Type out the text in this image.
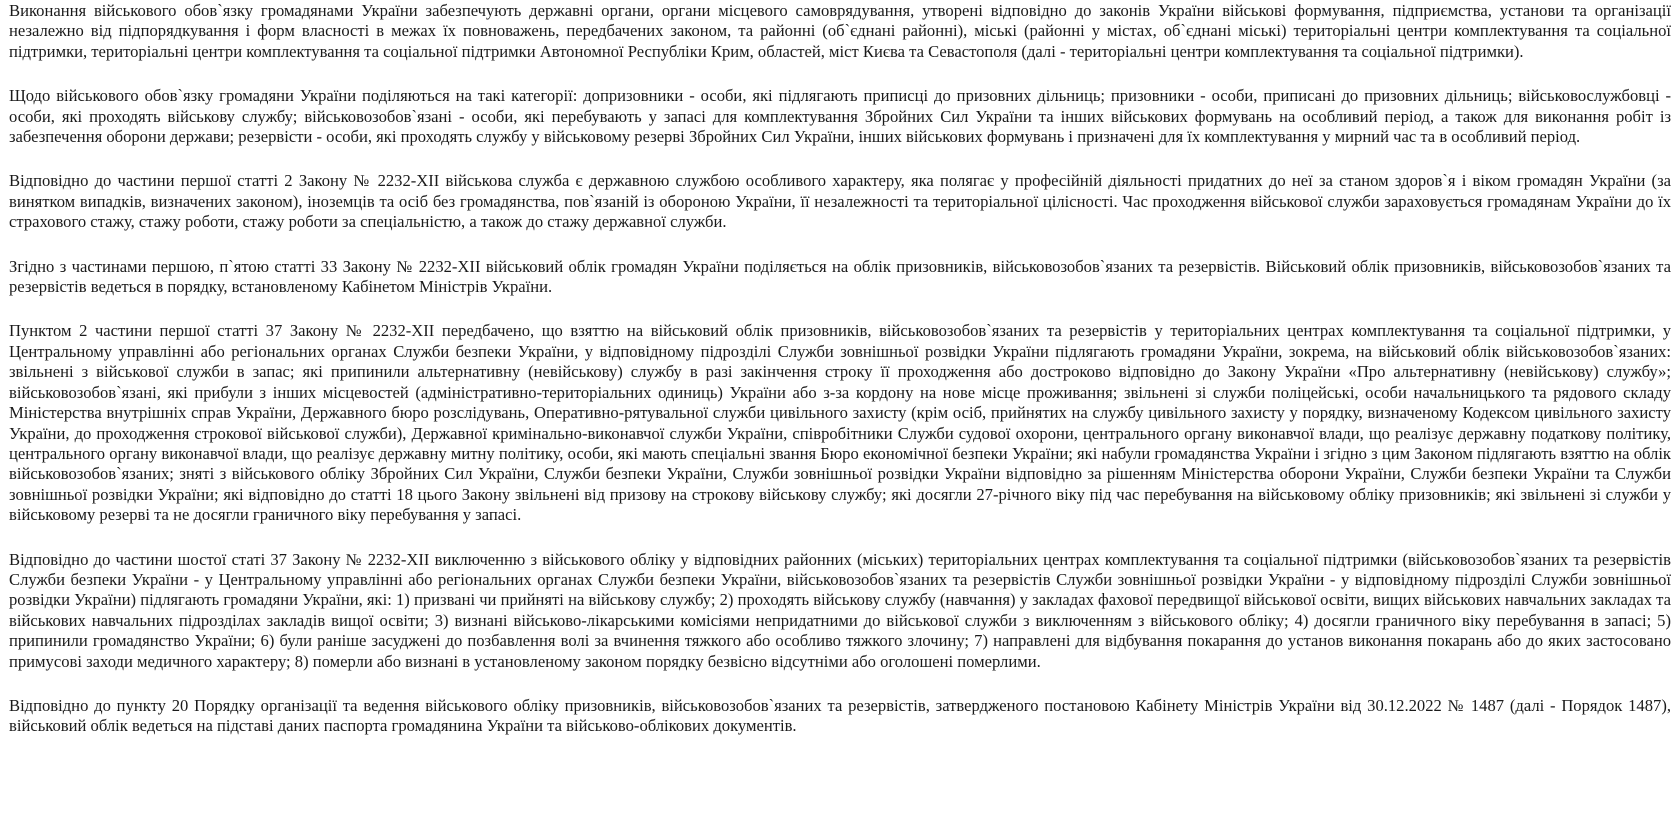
Виконання військового обов`язку громадянами України забезпечують державні органи, органи місцевого самоврядування, утворені відповідно до законів України військові формування, підприємства, установи та організації незалежно від підпорядкування і форм власності в межах їх повноважень, передбачених законом, та районні (об`єднані районні), міські (районні у містах, об`єднані міські) територіальні центри комплектування та соціальної підтримки, територіальні центри комплектування та соціальної підтримки Автономної Республіки Крим, областей, міст Києва та Севастополя (далі - територіальні центри комплектування та соціальної підтримки).

Щодо військового обов`язку громадяни України поділяються на такі категорії: допризовники - особи, які підлягають приписці до призовних дільниць; призовники - особи, приписані до призовних дільниць; військовослужбовці - особи, які проходять військову службу; військовозобов`язані - особи, які перебувають у запасі для комплектування Збройних Сил України та інших військових формувань на особливий період, а також для виконання робіт із забезпечення оборони держави; резервісти - особи, які проходять службу у військовому резерві Збройних Сил України, інших військових формувань і призначені для їх комплектування у мирний час та в особливий період.

Відповідно до частини першої статті 2 Закону № 2232-XII військова служба є державною службою особливого характеру, яка полягає у професійній діяльності придатних до неї за станом здоров`я і віком громадян України (за винятком випадків, визначених законом), іноземців та осіб без громадянства, пов`язаній із обороною України, її незалежності та територіальної цілісності. Час проходження військової служби зараховується громадянам України до їх страхового стажу, стажу роботи, стажу роботи за спеціальністю, а також до стажу державної служби.

Згідно з частинами першою, п`ятою статті 33 Закону № 2232-XII військовий облік громадян України поділяється на облік призовників, військовозобов`язаних та резервістів. Військовий облік призовників, військовозобов`язаних та резервістів ведеться в порядку, встановленому Кабінетом Міністрів України.

Пунктом 2 частини першої статті 37 Закону № 2232-XII передбачено, що взяттю на військовий облік призовників, військовозобов`язаних та резервістів у територіальних центрах комплектування та соціальної підтримки, у Центральному управлінні або регіональних органах Служби безпеки України, у відповідному підрозділі Служби зовнішньої розвідки України підлягають громадяни України, зокрема, на військовий облік військовозобов`язаних: звільнені з військової служби в запас; які припинили альтернативну (невійськову) службу в разі закінчення строку її проходження або достроково відповідно до Закону України «Про альтернативну (невійськову) службу»; військовозобов`язані, які прибули з інших місцевостей (адміністративно-територіальних одиниць) України або з-за кордону на нове місце проживання; звільнені зі служби поліцейські, особи начальницького та рядового складу Міністерства внутрішніх справ України, Державного бюро розслідувань, Оперативно-рятувальної служби цивільного захисту (крім осіб, прийнятих на службу цивільного захисту у порядку, визначеному Кодексом цивільного захисту України, до проходження строкової військової служби), Державної кримінально-виконавчої служби України, співробітники Служби судової охорони, центрального органу виконавчої влади, що реалізує державну податкову політику, центрального органу виконавчої влади, що реалізує державну митну політику, особи, які мають спеціальні звання Бюро економічної безпеки України; які набули громадянства України і згідно з цим Законом підлягають взяттю на облік військовозобов`язаних; зняті з військового обліку Збройних Сил України, Служби безпеки України, Служби зовнішньої розвідки України відповідно за рішенням Міністерства оборони України, Служби безпеки України та Служби зовнішньої розвідки України; які відповідно до статті 18 цього Закону звільнені від призову на строкову військову службу; які досягли 27-річного віку під час перебування на військовому обліку призовників; які звільнені зі служби у військовому резерві та не досягли граничного віку перебування у запасі.

Відповідно до частини шостої статі 37 Закону № 2232-XII виключенню з військового обліку у відповідних районних (міських) територіальних центрах комплектування та соціальної підтримки (військовозобов`язаних та резервістів Служби безпеки України - у Центральному управлінні або регіональних органах Служби безпеки України, військовозобов`язаних та резервістів Служби зовнішньої розвідки України - у відповідному підрозділі Служби зовнішньої розвідки України) підлягають громадяни України, які: 1) призвані чи прийняті на військову службу; 2) проходять військову службу (навчання) у закладах фахової передвищої військової освіти, вищих військових навчальних закладах та військових навчальних підрозділах закладів вищої освіти; 3) визнані військово-лікарськими комісіями непридатними до військової служби з виключенням з військового обліку; 4) досягли граничного віку перебування в запасі; 5) припинили громадянство України; 6) були раніше засуджені до позбавлення волі за вчинення тяжкого або особливо тяжкого злочину; 7) направлені для відбування покарання до установ виконання покарань або до яких застосовано примусові заходи медичного характеру; 8) померли або визнані в установленому законом порядку безвісно відсутніми або оголошені померлими.

Відповідно до пункту 20 Порядку організації та ведення військового обліку призовників, військовозобов`язаних та резервістів, затвердженого постановою Кабінету Міністрів України від 30.12.2022 № 1487 (далі - Порядок 1487), військовий облік ведеться на підставі даних паспорта громадянина України та військово-облікових документів.
